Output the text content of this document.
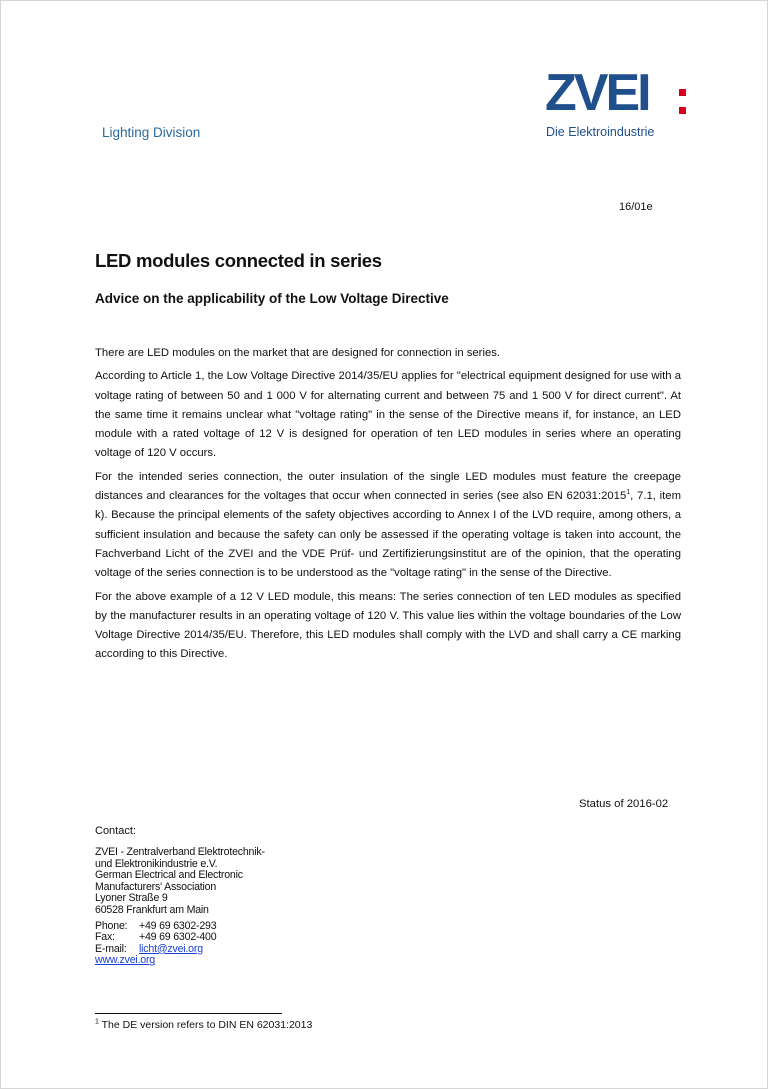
Lighting Division
ZVEI
Die Elektroindustrie
16/01e
LED modules connected in series
Advice on the applicability of the Low Voltage Directive

There are LED modules on the market that are designed for connection in series.

According to Article 1, the Low Voltage Directive 2014/35/EU applies for "electrical equipment designed for use with a voltage rating of between 50 and 1 000 V for alternating current and between 75 and 1 500 V for direct current". At the same time it remains unclear what "voltage rating" in the sense of the Directive means if, for instance, an LED module with a rated voltage of 12 V is designed for operation of ten LED modules in series where an operating voltage of 120 V occurs.

For the intended series connection, the outer insulation of the single LED modules must feature the creepage distances and clearances for the voltages that occur when connected in series (see also EN 62031:2015$^1$, 7.1, item k). Because the principal elements of the safety objectives according to Annex I of the LVD require, among others, a sufficient insulation and because the safety can only be assessed if the operating voltage is taken into account, the Fachverband Licht of the ZVEI and the VDE Prüf- und Zertifizierungsinstitut are of the opinion, that the operating voltage of the series connection is to be understood as the "voltage rating" in the sense of the Directive.

For the above example of a 12 V LED module, this means: The series connection of ten LED modules as specified by the manufacturer results in an operating voltage of 120 V. This value lies within the voltage boundaries of the Low Voltage Directive 2014/35/EU. Therefore, this LED modules shall comply with the LVD and shall carry a CE marking according to this Directive.

Status of 2016-02
Contact:
ZVEI - Zentralverband Elektrotechnik-
und Elektronikindustrie e.V.
German Electrical and Electronic
Manufacturers' Association
Lyoner Straße 9
60528 Frankfurt am Main
Phone: +49 69 6302-293
Fax: +49 69 6302-400
E-mail: licht@zvei.org
www.zvei.org
$^1$ The DE version refers to DIN EN 62031:2013
